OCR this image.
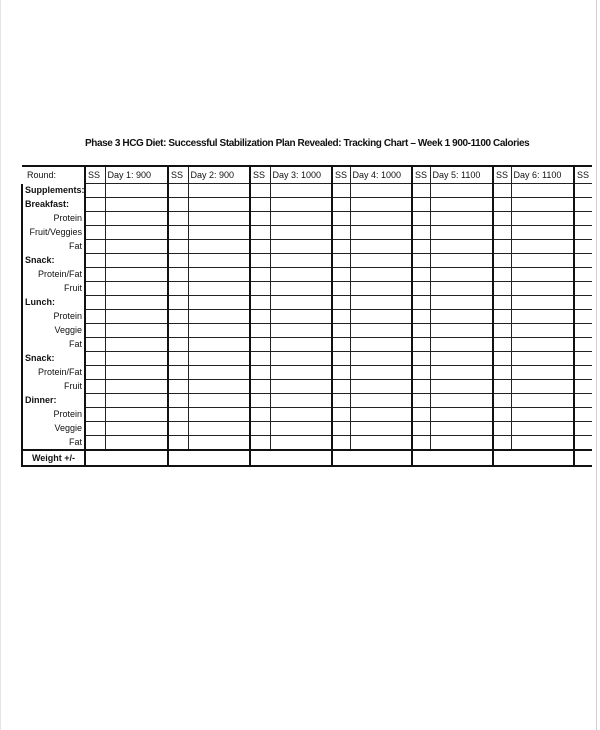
Phase 3 HCG Diet: Successful Stabilization Plan Revealed: Tracking Chart – Week 1 900-1100 Calories
Round:	SS	Day 1: 900	SS	Day 2: 900	SS	Day 3: 1000	SS	Day 4: 1000	SS	Day 5: 1100	SS	Day 6: 1100	SS
Supplements:													
Breakfast:													
Protein													
Fruit/Veggies													
Fat													
Snack:													
Protein/Fat													
Fruit													
Lunch:													
Protein													
Veggie													
Fat													
Snack:													
Protein/Fat													
Fruit													
Dinner:													
Protein													
Veggie													
Fat													
Weight +/-													
